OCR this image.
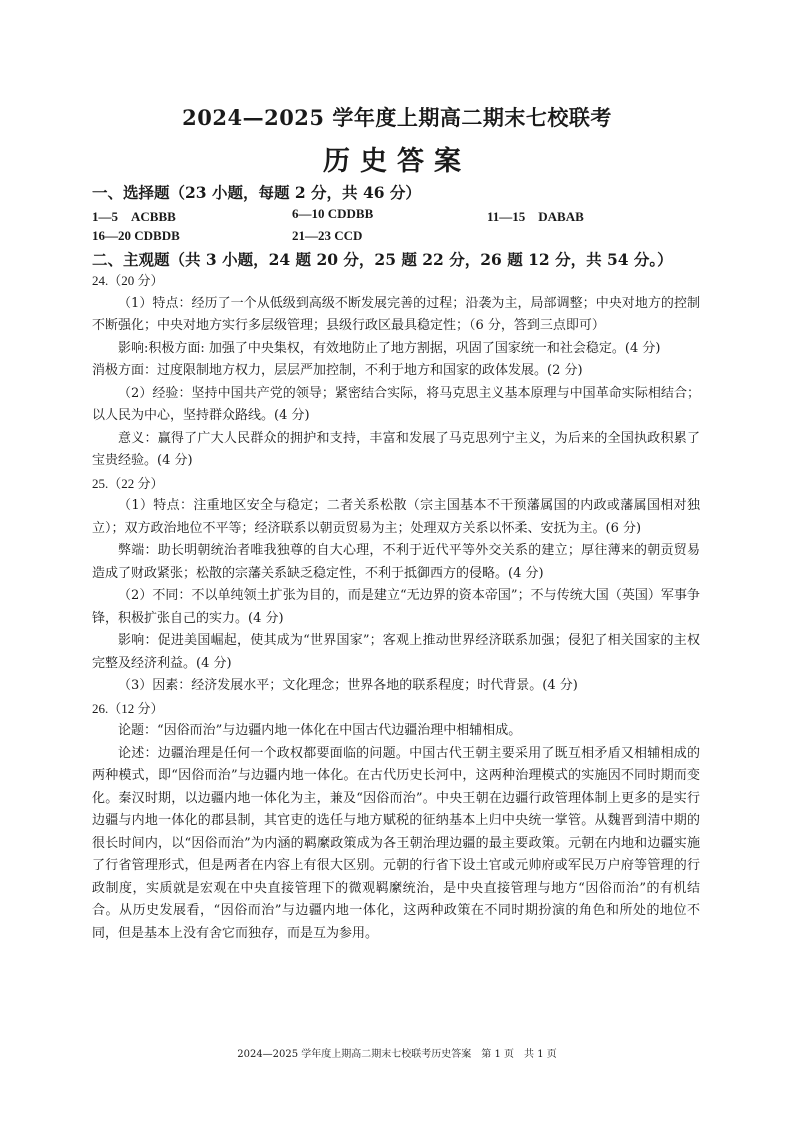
2024—2025 学年度上期高二期末七校联考
历史答案
一、选择题（23 小题，每题 2 分，共 46 分）
1—5　ACBBB	6—10 CDDBB	11—15　DABAB
16—20 CDBDB	21—23 CCD
二、主观题（共 3 小题，24 题 20 分，25 题 22 分，26 题 12 分，共 54 分。）

24.（20 分）

（1）特点：经历了一个从低级到高级不断发展完善的过程；沿袭为主，局部调整；中央对地方的控制不断强化；中央对地方实行多层级管理；县级行政区最具稳定性；（6 分，答到三点即可）

影响:积极方面: 加强了中央集权，有效地防止了地方割据，巩固了国家统一和社会稳定。(4 分)

消极方面：过度限制地方权力，层层严加控制，不利于地方和国家的政体发展。(2 分)

（2）经验：坚持中国共产党的领导；紧密结合实际，将马克思主义基本原理与中国革命实际相结合；以人民为中心，坚持群众路线。(4 分)

意义：赢得了广大人民群众的拥护和支持，丰富和发展了马克思列宁主义，为后来的全国执政积累了宝贵经验。(4 分)

25.（22 分）

（1）特点：注重地区安全与稳定；二者关系松散（宗主国基本不干预藩属国的内政或藩属国相对独立）；双方政治地位不平等；经济联系以朝贡贸易为主；处理双方关系以怀柔、安抚为主。(6 分)

弊端：助长明朝统治者唯我独尊的自大心理，不利于近代平等外交关系的建立；厚往薄来的朝贡贸易造成了财政紧张；松散的宗藩关系缺乏稳定性，不利于抵御西方的侵略。(4 分)

（2）不同：不以单纯领土扩张为目的，而是建立“无边界的资本帝国”；不与传统大国（英国）军事争锋，积极扩张自己的实力。(4 分)

影响：促进美国崛起，使其成为“世界国家”；客观上推动世界经济联系加强；侵犯了相关国家的主权完整及经济利益。(4 分)

（3）因素：经济发展水平；文化理念；世界各地的联系程度；时代背景。(4 分)

26.（12 分）

论题：“因俗而治”与边疆内地一体化在中国古代边疆治理中相辅相成。

论述：边疆治理是任何一个政权都要面临的问题。中国古代王朝主要采用了既互相矛盾又相辅相成的两种模式，即“因俗而治”与边疆内地一体化。在古代历史长河中，这两种治理模式的实施因不同时期而变化。秦汉时期，以边疆内地一体化为主，兼及“因俗而治”。中央王朝在边疆行政管理体制上更多的是实行边疆与内地一体化的郡县制，其官吏的选任与地方赋税的征纳基本上归中央统一掌管。从魏晋到清中期的很长时间内，以“因俗而治”为内涵的羁縻政策成为各王朝治理边疆的最主要政策。元朝在内地和边疆实施了行省管理形式，但是两者在内容上有很大区别。元朝的行省下设土官或元帅府或军民万户府等管理的行政制度，实质就是宏观在中央直接管理下的微观羁縻统治，是中央直接管理与地方“因俗而治”的有机结合。从历史发展看，“因俗而治”与边疆内地一体化，这两种政策在不同时期扮演的角色和所处的地位不同，但是基本上没有舍它而独存，而是互为参用。

2024—2025 学年度上期高二期末七校联考历史答案　第 1 页　共 1 页
